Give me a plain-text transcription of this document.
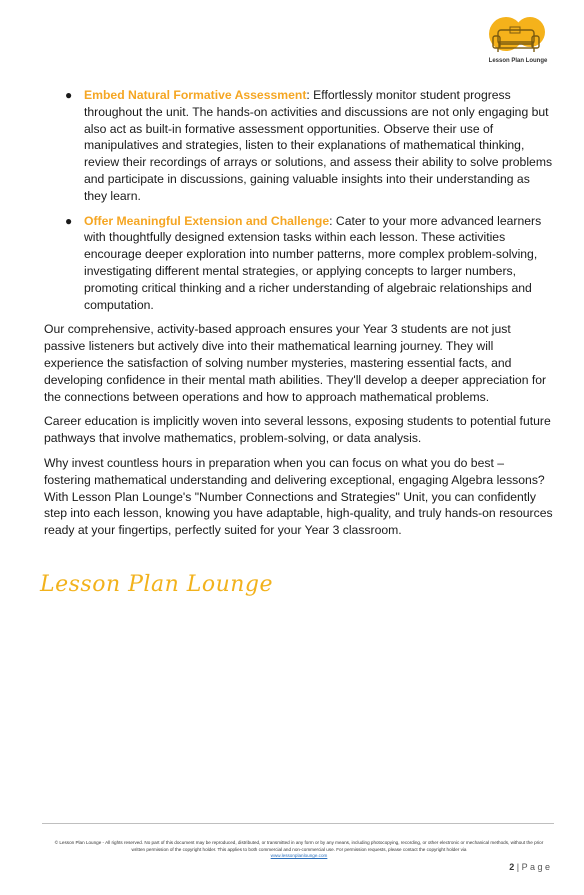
Lesson Plan Lounge
● Embed Natural Formative Assessment: Effortlessly monitor student progress throughout the unit. The hands-on activities and discussions are not only engaging but also act as built-in formative assessment opportunities. Observe their use of manipulatives and strategies, listen to their explanations of mathematical thinking, review their recordings of arrays or solutions, and assess their ability to solve problems and participate in discussions, gaining valuable insights into their understanding as they learn.
● Offer Meaningful Extension and Challenge: Cater to your more advanced learners with thoughtfully designed extension tasks within each lesson. These activities encourage deeper exploration into number patterns, more complex problem-solving, investigating different mental strategies, or applying concepts to larger numbers, promoting critical thinking and a richer understanding of algebraic relationships and computation.

Our comprehensive, activity-based approach ensures your Year 3 students are not just passive listeners but actively dive into their mathematical learning journey. They will experience the satisfaction of solving number mysteries, mastering essential facts, and developing confidence in their mental math abilities. They'll develop a deeper appreciation for the connections between operations and how to approach mathematical problems.

Career education is implicitly woven into several lessons, exposing students to potential future pathways that involve mathematics, problem-solving, or data analysis.

Why invest countless hours in preparation when you can focus on what you do best – fostering mathematical understanding and delivering exceptional, engaging Algebra lessons? With Lesson Plan Lounge's "Number Connections and Strategies" Unit, you can confidently step into each lesson, knowing you have adaptable, high-quality, and truly hands-on resources ready at your fingertips, perfectly suited for your Year 3 classroom.

Lesson Plan Lounge
© Lesson Plan Lounge - All rights reserved. No part of this document may be reproduced, distributed, or transmitted in any form or by any means, including photocopying, recording, or other electronic or mechanical methods, without the prior written permission of the copyright holder. This applies to both commercial and non-commercial use. For permission requests, please contact the copyright holder via
www.lessonplanlounge.com
2 | P a g e
